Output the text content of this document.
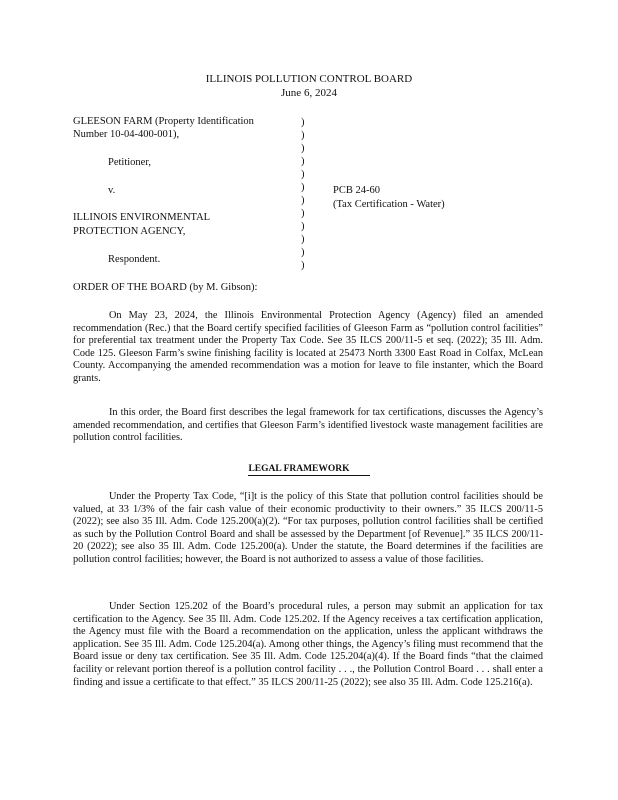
ILLINOIS POLLUTION CONTROL BOARD
June 6, 2024
GLEESON FARM (Property Identification
Number 10-04-400-001),
Petitioner,
v.
ILLINOIS ENVIRONMENTAL
PROTECTION AGENCY,
Respondent.
)
)
)
)
)
)
)
)
)
)
)
)
PCB 24-60
(Tax Certification - Water)
ORDER OF THE BOARD (by M. Gibson):

On May 23, 2024, the Illinois Environmental Protection Agency (Agency) filed an amended recommendation (Rec.) that the Board certify specified facilities of Gleeson Farm as “pollution control facilities” for preferential tax treatment under the Property Tax Code. See 35 ILCS 200/11-5 et seq. (2022); 35 Ill. Adm. Code 125. Gleeson Farm’s swine finishing facility is located at 25473 North 3300 East Road in Colfax, McLean County. Accompanying the amended recommendation was a motion for leave to file instanter, which the Board grants.

In this order, the Board first describes the legal framework for tax certifications, discusses the Agency’s amended recommendation, and certifies that Gleeson Farm’s identified livestock waste management facilities are pollution control facilities.

LEGAL FRAMEWORK

Under the Property Tax Code, “[i]t is the policy of this State that pollution control facilities should be valued, at 33 1/3% of the fair cash value of their economic productivity to their owners.” 35 ILCS 200/11-5 (2022); see also 35 Ill. Adm. Code 125.200(a)(2). “For tax purposes, pollution control facilities shall be certified as such by the Pollution Control Board and shall be assessed by the Department [of Revenue].” 35 ILCS 200/11-20 (2022); see also 35 Ill. Adm. Code 125.200(a). Under the statute, the Board determines if the facilities are pollution control facilities; however, the Board is not authorized to assess a value of those facilities.

Under Section 125.202 of the Board’s procedural rules, a person may submit an application for tax certification to the Agency. See 35 Ill. Adm. Code 125.202. If the Agency receives a tax certification application, the Agency must file with the Board a recommendation on the application, unless the applicant withdraws the application. See 35 Ill. Adm. Code 125.204(a). Among other things, the Agency’s filing must recommend that the Board issue or deny tax certification. See 35 Ill. Adm. Code 125.204(a)(4). If the Board finds “that the claimed facility or relevant portion thereof is a pollution control facility . . ., the Pollution Control Board . . . shall enter a finding and issue a certificate to that effect.” 35 ILCS 200/11-25 (2022); see also 35 Ill. Adm. Code 125.216(a).
